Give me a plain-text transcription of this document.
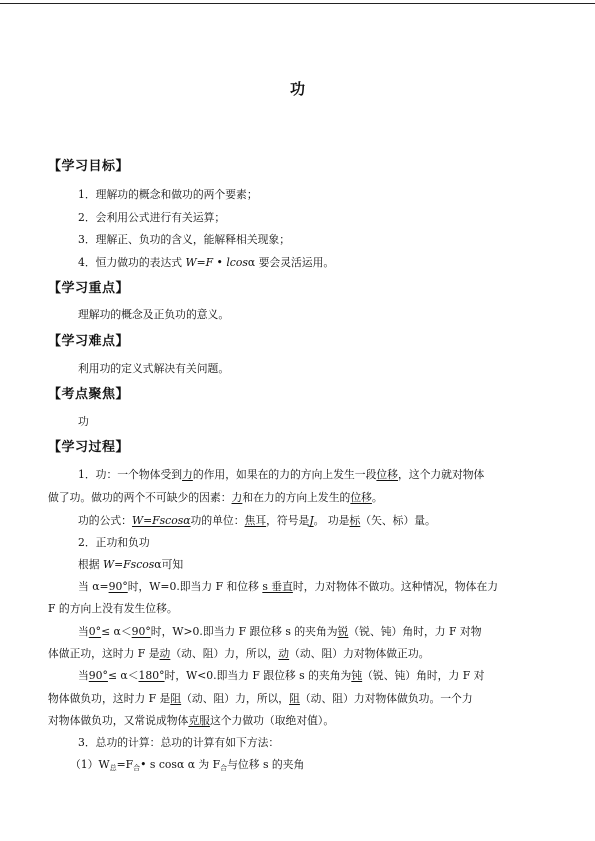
功
【学习目标】
1．理解功的概念和做功的两个要素；
2．会利用公式进行有关运算；
3．理解正、负功的含义，能解释相关现象；
4．恒力做功的表达式 W=F • lcosα 要会灵活运用。
【学习重点】
理解功的概念及正负功的意义。
【学习难点】
利用功的定义式解决有关问题。
【考点聚焦】
功
【学习过程】
1．功：一个物体受到力的作用，如果在的力的方向上发生一段位移，这个力就对物体
做了功。做功的两个不可缺少的因素：力和在力的方向上发生的位移。
功的公式：W=Fscosα功的单位：焦耳，符号是J。 功是标（矢、标）量。
2．正功和负功
根据 W=Fscosα可知
当 α=90°时，W=0.即当力 F 和位移 s 垂直时，力对物体不做功。这种情况，物体在力
F 的方向上没有发生位移。
当0°≤ α＜90°时，W>0.即当力 F 跟位移 s 的夹角为锐（锐、钝）角时，力 F 对物
体做正功，这时力 F 是动（动、阻）力，所以，动（动、阻）力对物体做正功。
当90°≤ α＜180°时，W<0.即当力 F 跟位移 s 的夹角为钝（锐、钝）角时，力 F 对
物体做负功，这时力 F 是阻（动、阻）力，所以，阻（动、阻）力对物体做负功。一个力
对物体做负功，又常说成物体克服这个力做功（取绝对值）。
3．总功的计算：总功的计算有如下方法：
$(1)W_总=F_合•$ s cosα α 为 $F_合$与位移 s 的夹角
